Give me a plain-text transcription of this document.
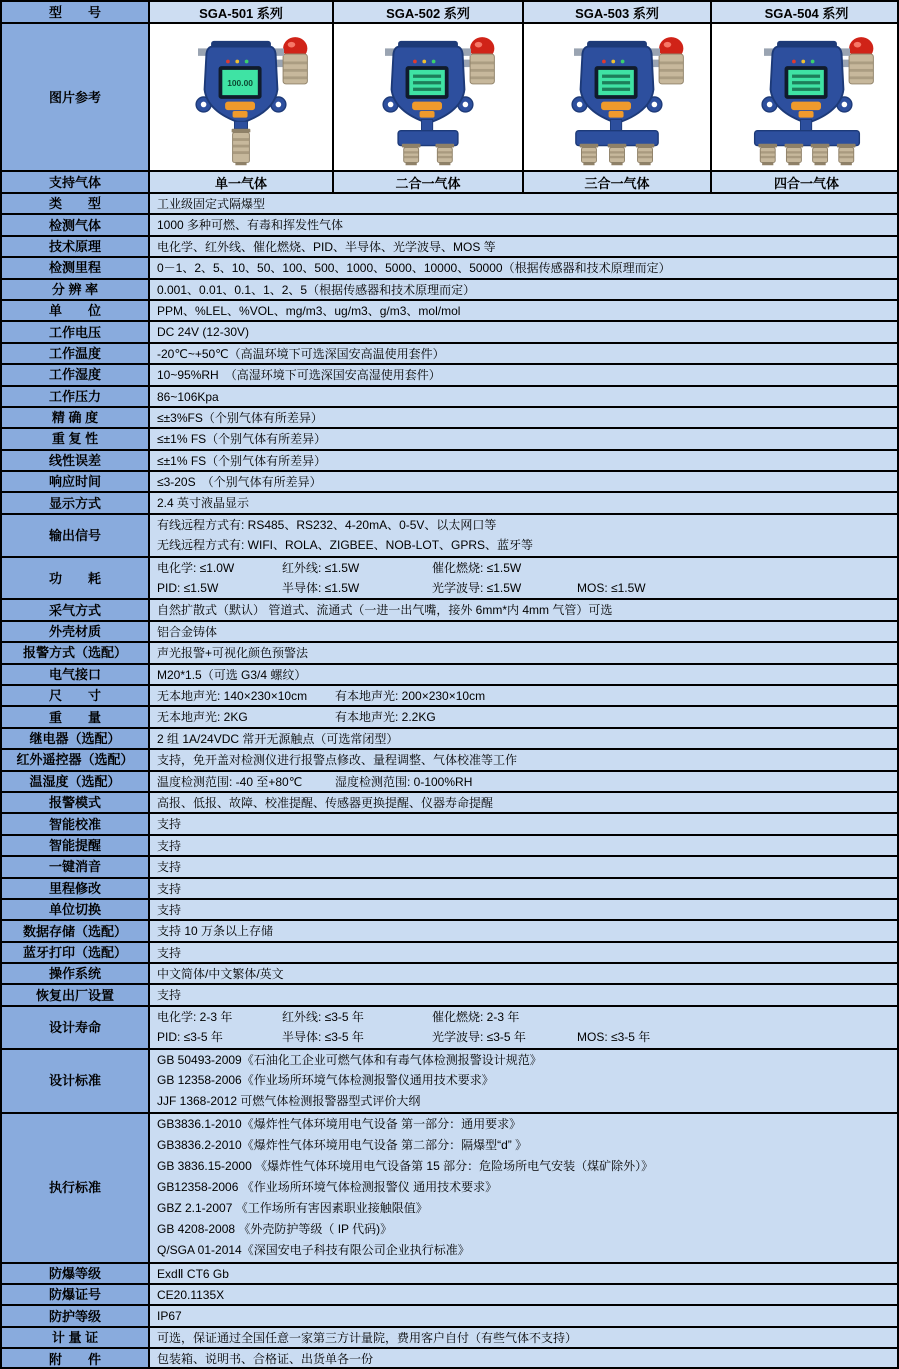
型　　号	SGA-501 系列	SGA-502 系列	SGA-503 系列	SGA-504 系列
图片参考
100.00
支持气体	单一气体	二合一气体	三合一气体	四合一气体
类　　型	工业级固定式隔爆型
检测气体	1000 多种可燃、有毒和挥发性气体
技术原理	电化学、红外线、催化燃烧、PID、半导体、光学波导、MOS 等
检测里程	0－1、2、5、10、50、100、500、1000、5000、10000、50000（根据传感器和技术原理而定）
分 辨 率	0.001、0.01、0.1、1、2、5（根据传感器和技术原理而定）
单　　位	PPM、%LEL、%VOL、mg/m3、ug/m3、g/m3、mol/mol
工作电压	DC 24V (12-30V)
工作温度	-20℃~+50℃（高温环境下可选深国安高温使用套件）
工作湿度	10~95%RH　（高湿环境下可选深国安高湿使用套件）
工作压力	86~106Kpa
精 确 度	≤±3%FS（个别气体有所差异）
重 复 性	≤±1% FS（个别气体有所差异）
线性误差	≤±1% FS（个别气体有所差异）
响应时间	≤3-20S　（个别气体有所差异）
显示方式	2.4 英寸液晶显示
输出信号
有线远程方式有: RS485、RS232、4-20mA、0-5V、以太网口等
无线远程方式有: WIFI、ROLA、ZIGBEE、NOB-LOT、GPRS、蓝牙等
功　　耗
电化学: ≤1.0W	红外线: ≤1.5W	催化燃烧: ≤1.5W
PID: ≤1.5W	半导体: ≤1.5W	光学波导: ≤1.5W	MOS: ≤1.5W
采气方式	自然扩散式（默认） 管道式、流通式（一进一出气嘴，接外 6mm*内 4mm 气管）可选
外壳材质	铝合金铸体
报警方式（选配）	声光报警+可视化颜色预警法
电气接口	M20*1.5（可选 G3/4 螺纹）
尺　　寸	无本地声光: 140×230×10cm 有本地声光: 200×230×10cm
重　　量	无本地声光: 2KG	有本地声光: 2.2KG
继电器（选配）	2 组 1A/24VDC 常开无源触点（可选常闭型）
红外遥控器（选配）	支持，免开盖对检测仪进行报警点修改、量程调整、气体校准等工作
温湿度（选配）	温度检测范围: -40 至+80℃	湿度检测范围: 0-100%RH
报警模式	高报、低报、故障、校准提醒、传感器更换提醒、仪器寿命提醒
智能校准	支持
智能提醒	支持
一键消音	支持
里程修改	支持
单位切换	支持
数据存储（选配）	支持 10 万条以上存储
蓝牙打印（选配）	支持
操作系统	中文简体/中文繁体/英文
恢复出厂设置	支持
设计寿命
电化学: 2-3 年	红外线: ≤3-5 年	催化燃烧: 2-3 年
PID: ≤3-5 年	半导体: ≤3-5 年	光学波导: ≤3-5 年	MOS: ≤3-5 年
设计标准
GB 50493-2009《石油化工企业可燃气体和有毒气体检测报警设计规范》
GB 12358-2006《作业场所环境气体检测报警仪通用技术要求》
JJF 1368-2012 可燃气体检测报警器型式评价大纲
执行标准
GB3836.1-2010《爆炸性气体环境用电气设备 第一部分：通用要求》
GB3836.2-2010《爆炸性气体环境用电气设备 第二部分：隔爆型“d” 》
GB 3836.15-2000 《爆炸性气体环境用电气设备第 15 部分：危险场所电气安装（煤矿除外）》
GB12358-2006 《作业场所环境气体检测报警仪 通用技术要求》
GBZ 2.1-2007 《工作场所有害因素职业接触限值》
GB 4208-2008 《外壳防护等级（ IP 代码)》
Q/SGA 01-2014《深国安电子科技有限公司企业执行标准》
防爆等级	ExdⅡ CT6 Gb
防爆证号	CE20.1135X
防护等级	IP67
计 量 证	可选，保证通过全国任意一家第三方计量院，费用客户自付（有些气体不支持）
附　　件	包装箱、说明书、合格证、出货单各一份
